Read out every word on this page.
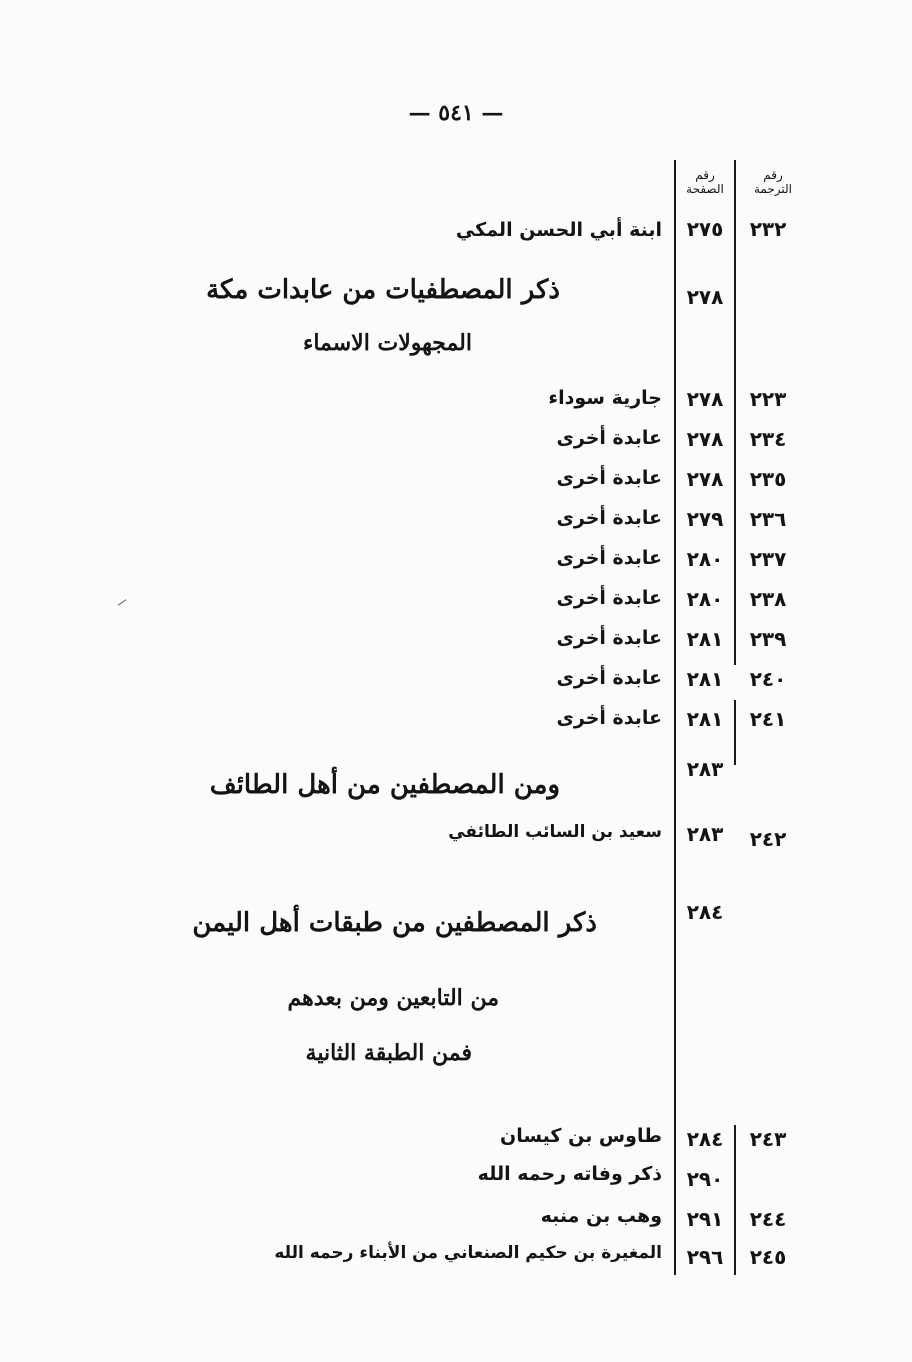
— ٥٤١ —
رقم الترجمة
رقم الصفحة
٢٣٢
٢٧٥
ابنة أبي الحسن المكي
٢٧٨
ذكر المصطفيات من عابدات مكة
المجهولات الاسماء
٢٢٣
٢٧٨
جارية سوداء
٢٣٤
٢٧٨
عابدة أخرى
٢٣٥
٢٧٨
عابدة أخرى
٢٣٦
٢٧٩
عابدة أخرى
٢٣٧
٢٨٠
عابدة أخرى
٢٣٨
٢٨٠
عابدة أخرى
٢٣٩
٢٨١
عابدة أخرى
٢٤٠
٢٨١
عابدة أخرى
٢٤١
٢٨١
عابدة أخرى
٢٨٣
ومن المصطفين من أهل الطائف
٢٤٢
٢٨٣
سعيد بن السائب الطائفي
٢٨٤
ذكر المصطفين من طبقات أهل اليمن
من التابعين ومن بعدهم
فمن الطبقة الثانية
٢٤٣
٢٨٤
طاوس بن كيسان
٢٩٠
ذكر وفاته رحمه الله
٢٤٤
٢٩١
وهب بن منبه
٢٤٥
٢٩٦
المغيرة بن حكيم الصنعاني من الأبناء رحمه الله
